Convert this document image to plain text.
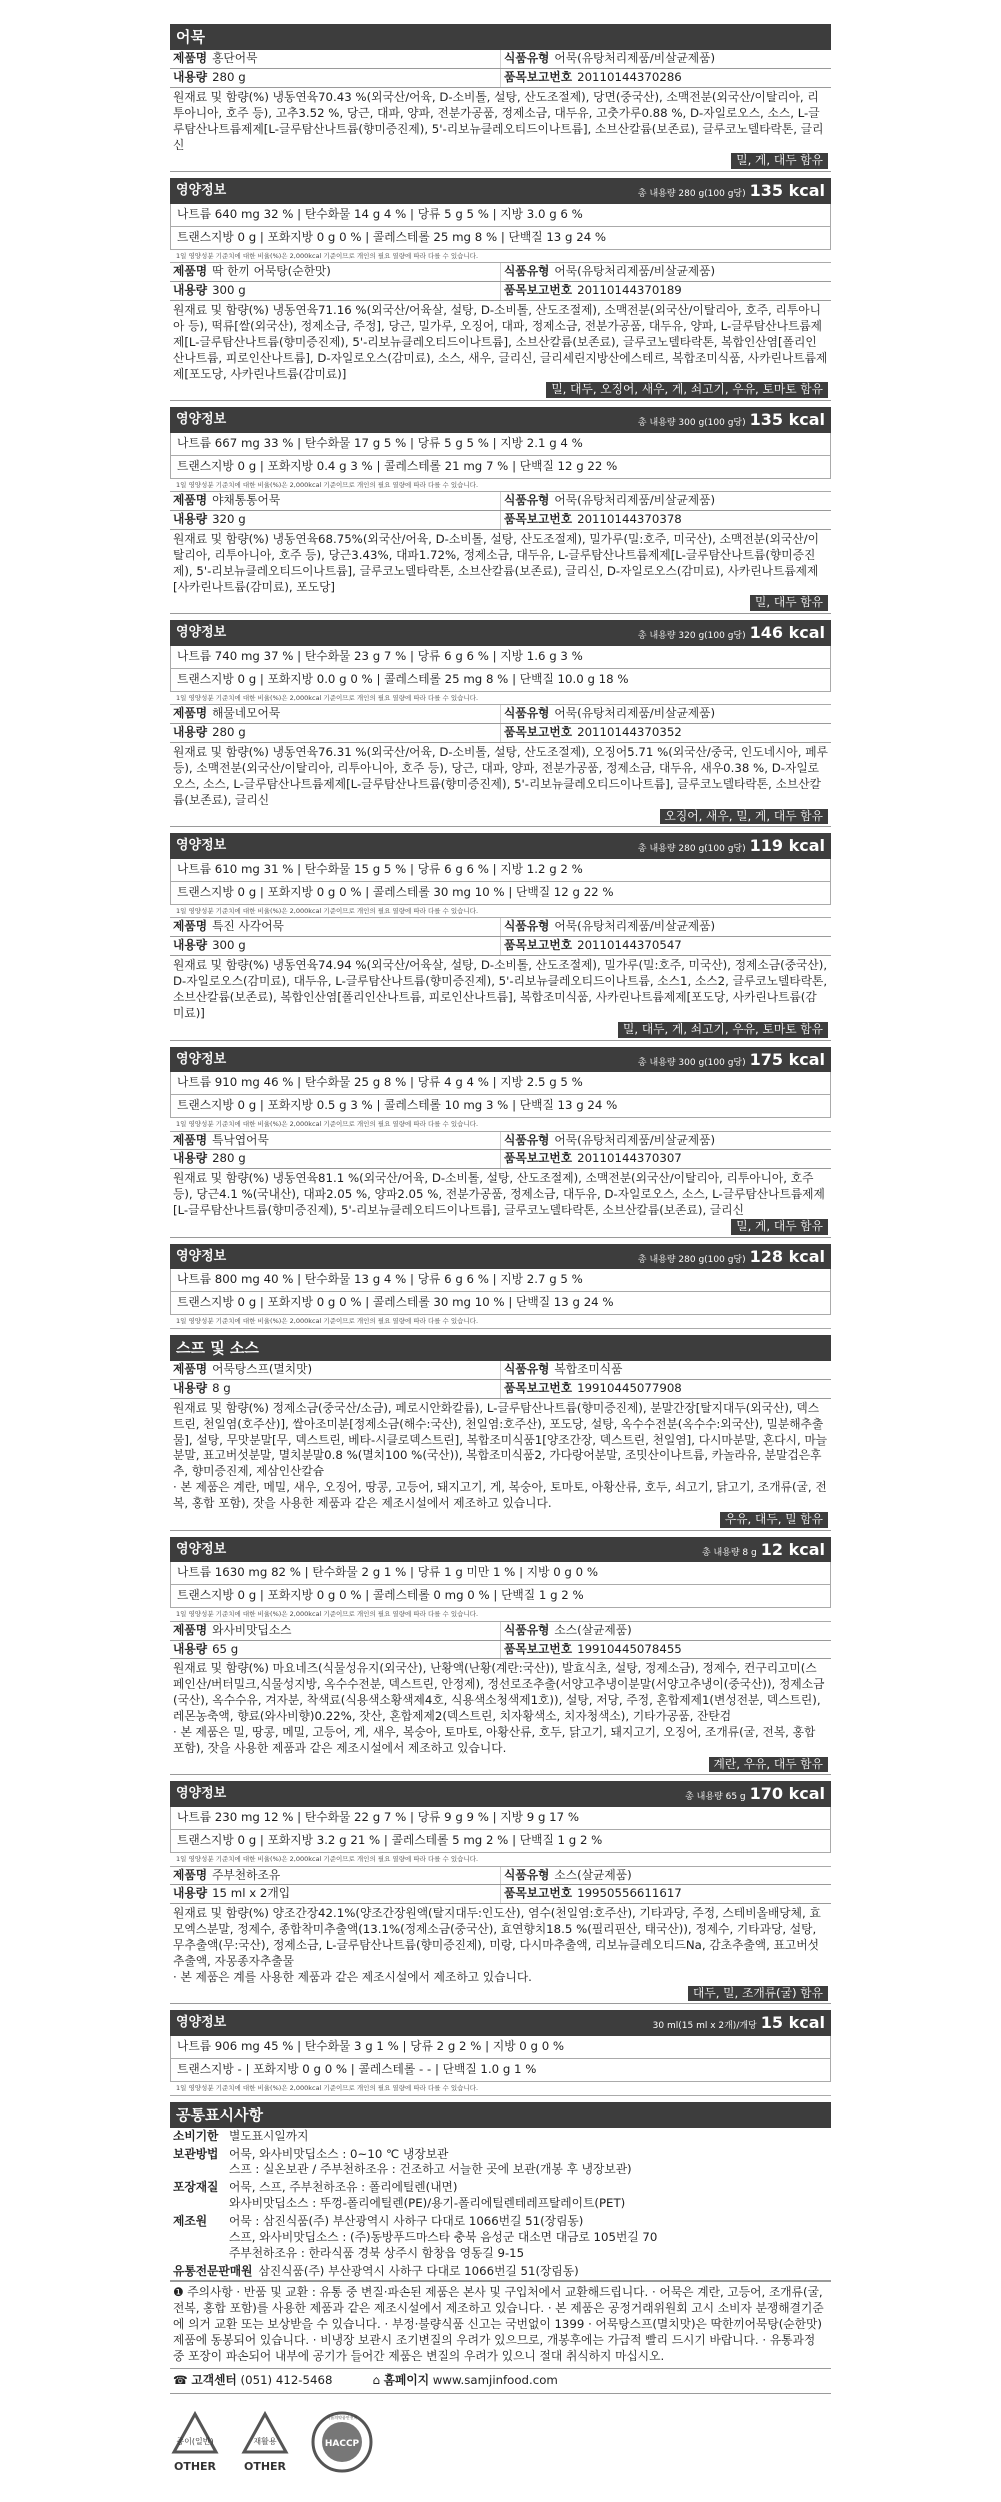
어묵
제품명 홍단어묵	식품유형 어묵(유탕처리제품/비살균제품)
내용량 280 g	품목보고번호 20110144370286
원재료 및 함량(%) 냉동연육70.43 %(외국산/어육, D-소비톨, 설탕, 산도조절제), 당면(중국산), 소맥전분(외국산/이탈리아, 리투아니아, 호주 등), 고추3.52 %, 당근, 대파, 양파, 전분가공품, 정제소금, 대두유, 고춧가루0.88 %, D-자일로오스, 소스, L-글루탐산나트륨제제[L-글루탐산나트륨(향미증진제), 5'-리보뉴클레오티드이나트륨], 소브산칼륨(보존료), 글루코노델타락톤, 글리신
밀, 게, 대두 함유
영양정보	총 내용량 280 g(100 g당) 135 kcal
나트륨 640 mg 32 % | 탄수화물 14 g 4 % | 당류 5 g 5 % | 지방 3.0 g 6 %
트랜스지방 0 g | 포화지방 0 g 0 % | 콜레스테롤 25 mg 8 % | 단백질 13 g 24 %
1일 영양성분 기준치에 대한 비율(%)은 2,000kcal 기준이므로 개인의 필요 열량에 따라 다를 수 있습니다.
제품명 딱 한끼 어묵탕(순한맛)	식품유형 어묵(유탕처리제품/비살균제품)
내용량 300 g	품목보고번호 20110144370189
원재료 및 함량(%) 냉동연육71.16 %(외국산/어육살, 설탕, D-소비톨, 산도조절제), 소맥전분(외국산/이탈리아, 호주, 리투아니아 등), 떡류[쌀(외국산), 정제소금, 주정], 당근, 밀가루, 오징어, 대파, 정제소금, 전분가공품, 대두유, 양파, L-글루탐산나트륨제제[L-글루탐산나트륨(향미증진제), 5'-리보뉴클레오티드이나트륨], 소브산칼륨(보존료), 글루코노델타락톤, 복합인산염[폴리인산나트륨, 피로인산나트륨], D-자일로오스(감미료), 소스, 새우, 글리신, 글리세린지방산에스테르, 복합조미식품, 사카린나트륨제제[포도당, 사카린나트륨(감미료)]
밀, 대두, 오징어, 새우, 게, 쇠고기, 우유, 토마토 함유
영양정보	총 내용량 300 g(100 g당) 135 kcal
나트륨 667 mg 33 % | 탄수화물 17 g 5 % | 당류 5 g 5 % | 지방 2.1 g 4 %
트랜스지방 0 g | 포화지방 0.4 g 3 % | 콜레스테롤 21 mg 7 % | 단백질 12 g 22 %
1일 영양성분 기준치에 대한 비율(%)은 2,000kcal 기준이므로 개인의 필요 열량에 따라 다를 수 있습니다.
제품명 야채통통어묵	식품유형 어묵(유탕처리제품/비살균제품)
내용량 320 g	품목보고번호 20110144370378
원재료 및 함량(%) 냉동연육68.75%(외국산/어육, D-소비톨, 설탕, 산도조절제), 밀가루(밀:호주, 미국산), 소맥전분(외국산/이탈리아, 리투아니아, 호주 등), 당근3.43%, 대파1.72%, 정제소금, 대두유, L-글루탐산나트륨제제[L-글루탐산나트륨(향미증진제), 5'-리보뉴클레오티드이나트륨], 글루코노델타락톤, 소브산칼륨(보존료), 글리신, D-자일로오스(감미료), 사카린나트륨제제[사카린나트륨(감미료), 포도당]
밀, 대두 함유
영양정보	총 내용량 320 g(100 g당) 146 kcal
나트륨 740 mg 37 % | 탄수화물 23 g 7 % | 당류 6 g 6 % | 지방 1.6 g 3 %
트랜스지방 0 g | 포화지방 0.0 g 0 % | 콜레스테롤 25 mg 8 % | 단백질 10.0 g 18 %
1일 영양성분 기준치에 대한 비율(%)은 2,000kcal 기준이므로 개인의 필요 열량에 따라 다를 수 있습니다.
제품명 해물네모어묵	식품유형 어묵(유탕처리제품/비살균제품)
내용량 280 g	품목보고번호 20110144370352
원재료 및 함량(%) 냉동연육76.31 %(외국산/어육, D-소비톨, 설탕, 산도조절제), 오징어5.71 %(외국산/중국, 인도네시아, 페루 등), 소맥전분(외국산/이탈리아, 리투아니아, 호주 등), 당근, 대파, 양파, 전분가공품, 정제소금, 대두유, 새우0.38 %, D-자일로오스, 소스, L-글루탐산나트륨제제[L-글루탐산나트륨(향미증진제), 5'-리보뉴클레오티드이나트륨], 글루코노델타락톤, 소브산칼륨(보존료), 글리신
오징어, 새우, 밀, 게, 대두 함유
영양정보	총 내용량 280 g(100 g당) 119 kcal
나트륨 610 mg 31 % | 탄수화물 15 g 5 % | 당류 6 g 6 % | 지방 1.2 g 2 %
트랜스지방 0 g | 포화지방 0 g 0 % | 콜레스테롤 30 mg 10 % | 단백질 12 g 22 %
1일 영양성분 기준치에 대한 비율(%)은 2,000kcal 기준이므로 개인의 필요 열량에 따라 다를 수 있습니다.
제품명 특진 사각어묵	식품유형 어묵(유탕처리제품/비살균제품)
내용량 300 g	품목보고번호 20110144370547
원재료 및 함량(%) 냉동연육74.94 %(외국산/어육살, 설탕, D-소비톨, 산도조절제), 밀가루(밀:호주, 미국산), 정제소금(중국산), D-자일로오스(감미료), 대두유, L-글루탐산나트륨(향미증진제), 5'-리보뉴클레오티드이나트륨, 소스1, 소스2, 글루코노델타락톤, 소브산칼륨(보존료), 복합인산염[폴리인산나트륨, 피로인산나트륨], 복합조미식품, 사카린나트륨제제[포도당, 사카린나트륨(감미료)]
밀, 대두, 게, 쇠고기, 우유, 토마토 함유
영양정보	총 내용량 300 g(100 g당) 175 kcal
나트륨 910 mg 46 % | 탄수화물 25 g 8 % | 당류 4 g 4 % | 지방 2.5 g 5 %
트랜스지방 0 g | 포화지방 0.5 g 3 % | 콜레스테롤 10 mg 3 % | 단백질 13 g 24 %
1일 영양성분 기준치에 대한 비율(%)은 2,000kcal 기준이므로 개인의 필요 열량에 따라 다를 수 있습니다.
제품명 특낙엽어묵	식품유형 어묵(유탕처리제품/비살균제품)
내용량 280 g	품목보고번호 20110144370307
원재료 및 함량(%) 냉동연육81.1 %(외국산/어육, D-소비톨, 설탕, 산도조절제), 소맥전분(외국산/이탈리아, 리투아니아, 호주 등), 당근4.1 %(국내산), 대파2.05 %, 양파2.05 %, 전분가공품, 정제소금, 대두유, D-자일로오스, 소스, L-글루탐산나트륨제제[L-글루탐산나트륨(향미증진제), 5'-리보뉴클레오티드이나트륨], 글루코노델타락톤, 소브산칼륨(보존료), 글리신
밀, 게, 대두 함유
영양정보	총 내용량 280 g(100 g당) 128 kcal
나트륨 800 mg 40 % | 탄수화물 13 g 4 % | 당류 6 g 6 % | 지방 2.7 g 5 %
트랜스지방 0 g | 포화지방 0 g 0 % | 콜레스테롤 30 mg 10 % | 단백질 13 g 24 %
1일 영양성분 기준치에 대한 비율(%)은 2,000kcal 기준이므로 개인의 필요 열량에 따라 다를 수 있습니다.
스프 및 소스
제품명 어묵탕스프(멸치맛)	식품유형 복합조미식품
내용량 8 g	품목보고번호 19910445077908
원재료 및 함량(%) 정제소금(중국산/소금), 페로시안화칼륨), L-글루탐산나트륨(향미증진제), 분말간장[탈지대두(외국산), 덱스트린, 천일염(호주산)], 쌀아조미분[정제소금(해수:국산), 천일염:호주산), 포도당, 설탕, 옥수수전분(옥수수:외국산), 밀분해추출물], 설탕, 무맛분말[무, 덱스트린, 베타-시클로덱스트린], 복합조미식품1[양조간장, 덱스트린, 천일염], 다시마분말, 혼다시, 마늘분말, 표고버섯분말, 멸치분말0.8 %(멸치100 %(국산)), 복합조미식품2, 가다랑어분말, 조밋산이나트륨, 카놀라유, 분말겁은후추, 향미증진제, 제삼인산칼슘
· 본 제품은 계란, 메밀, 새우, 오징어, 땅콩, 고등어, 돼지고기, 게, 복숭아, 토마토, 아황산류, 호두, 쇠고기, 닭고기, 조개류(굴, 전복, 홍합 포함), 잣을 사용한 제품과 같은 제조시설에서 제조하고 있습니다.
우유, 대두, 밀 함유
영양정보	총 내용량 8 g 12 kcal
나트륨 1630 mg 82 % | 탄수화물 2 g 1 % | 당류 1 g 미만 1 % | 지방 0 g 0 %
트랜스지방 0 g | 포화지방 0 g 0 % | 콜레스테롤 0 mg 0 % | 단백질 1 g 2 %
1일 영양성분 기준치에 대한 비율(%)은 2,000kcal 기준이므로 개인의 필요 열량에 따라 다를 수 있습니다.
제품명 와사비맛딥소스	식품유형 소스(살균제품)
내용량 65 g	품목보고번호 19910445078455
원재료 및 함량(%) 마요네즈(식물성유지(외국산), 난황액(난황(계란:국산)), 발효식초, 설탕, 정제소금), 정제수, 컨구리고미(스페인산/버터밀크,식물성지방, 옥수수전분, 덱스트린, 안정제), 정선로조추출(서양고추냉이분말(서양고추냉이(중국산)), 정제소금(국산), 옥수수유, 겨자분, 착색료(식용색소황색제4호, 식용색소청색제1호)), 설탕, 저당, 주정, 혼합제제1(변성전분, 덱스트린), 레몬농축액, 향료(와사비향)0.22%, 잣산, 혼합제제2(덱스트린, 치자황색소, 치자청색소), 기타가공품, 잔탄검
· 본 제품은 밀, 땅콩, 메밀, 고등어, 게, 새우, 복숭아, 토마토, 아황산류, 호두, 닭고기, 돼지고기, 오징어, 조개류(굴, 전복, 홍합 포함), 잣을 사용한 제품과 같은 제조시설에서 제조하고 있습니다.
계란, 우유, 대두 함유
영양정보	총 내용량 65 g 170 kcal
나트륨 230 mg 12 % | 탄수화물 22 g 7 % | 당류 9 g 9 % | 지방 9 g 17 %
트랜스지방 0 g | 포화지방 3.2 g 21 % | 콜레스테롤 5 mg 2 % | 단백질 1 g 2 %
1일 영양성분 기준치에 대한 비율(%)은 2,000kcal 기준이므로 개인의 필요 열량에 따라 다를 수 있습니다.
제품명 주부천하조유	식품유형 소스(살균제품)
내용량 15 ml x 2개입	품목보고번호 19950556611617
원재료 및 함량(%) 양조간장42.1%(양조간장원액(탈지대두:인도산), 염수(천일염:호주산), 기타과당, 주정, 스테비올배당체, 효모엑스분말, 정제수, 종합착미추출액(13.1%(정제소금(중국산), 효연향치18.5 %(필리핀산, 태국산)), 정제수, 기타과당, 설탕, 무추출액(무:국산), 정제소금, L-글루탐산나트륨(향미증진제), 미랑, 다시마추출액, 리보뉴클레오티드Na, 감초추출액, 표고버섯추출액, 자몽종자추출물
· 본 제품은 계를 사용한 제품과 같은 제조시설에서 제조하고 있습니다.
대두, 밀, 조개류(굴) 함유
영양정보	30 ml(15 ml x 2개)/개당 15 kcal
나트륨 906 mg 45 % | 탄수화물 3 g 1 % | 당류 2 g 2 % | 지방 0 g 0 %
트랜스지방 - | 포화지방 0 g 0 % | 콜레스테롤 - - | 단백질 1.0 g 1 %
1일 영양성분 기준치에 대한 비율(%)은 2,000kcal 기준이므로 개인의 필요 열량에 따라 다를 수 있습니다.
공통표시사항
소비기한 별도표시일까지
보관방법 어묵, 와사비맛딥소스 : 0~10 ℃ 냉장보관
스프 : 실온보관 / 주부천하조유 : 건조하고 서늘한 곳에 보관(개봉 후 냉장보관)
포장재질 어묵, 스프, 주부천하조유 : 폴리에틸렌(내면)
와사비맛딥소스 : 뚜껑-폴리에틸렌(PE)/용기-폴리에틸렌테레프탈레이트(PET)
제조원	어묵 : 삼진식품(주) 부산광역시 사하구 다대로 1066번길 51(장림동)
스프, 와사비맛딥소스 : (주)동방푸드마스타 충북 음성군 대소면 대금로 105번길 70
주부천하조유 : 한라식품 경북 상주시 함창읍 영동길 9-15
유통전문판매원 삼진식품(주) 부산광역시 사하구 다대로 1066번길 51(장림동)
❶ 주의사항 · 반품 및 교환 : 유통 중 변질·파손된 제품은 본사 및 구입처에서 교환해드립니다. · 어묵은 계란, 고등어, 조개류(굴, 전복, 홍합 포함)를 사용한 제품과 같은 제조시설에서 제조하고 있습니다. · 본 제품은 공정거래위원회 고시 소비자 분쟁해결기준에 의거 교환 또는 보상받을 수 있습니다. · 부정·불량식품 신고는 국번없이 1399 · 어묵탕스프(멸치맛)은 딱한끼어묵탕(순한맛) 제품에 동봉되어 있습니다. · 비냉장 보관시 조기변질의 우려가 있으므로, 개봉후에는 가급적 빨리 드시기 바랍니다. · 유통과정 중 포장이 파손되어 내부에 공기가 들어간 제품은 변질의 우려가 있으니 절대 취식하지 마십시오.
☎ 고객센터 (051) 412-5468	⌂ 홈페이지 www.samjinfood.com
종이(일반)
OTHER
재활용
OTHER
HACCP
식품의약품안전처
